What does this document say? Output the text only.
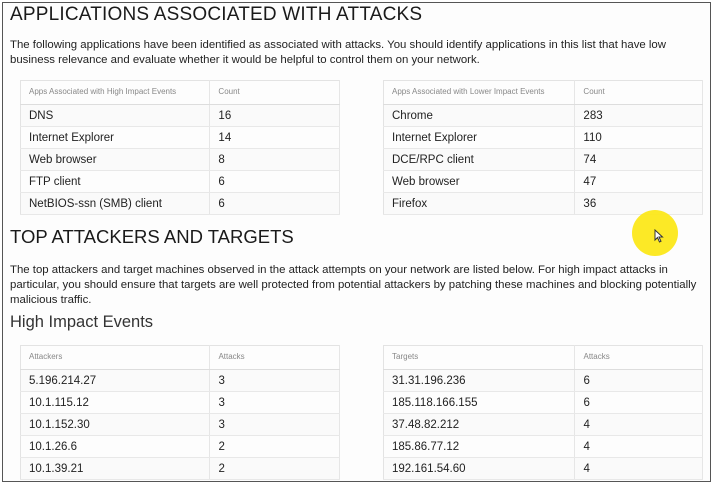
APPLICATIONS ASSOCIATED WITH ATTACKS
The following applications have been identified as associated with attacks. You should identify applications in this list that have low business relevance and evaluate whether it would be helpful to control them on your network.
Apps Associated with High Impact Events	Count
DNS	16
Internet Explorer	14
Web browser	8
FTP client	6
NetBIOS-ssn (SMB) client	6
Apps Associated with Lower Impact Events	Count
Chrome	283
Internet Explorer	110
DCE/RPC client	74
Web browser	47
Firefox	36
TOP ATTACKERS AND TARGETS
The top attackers and target machines observed in the attack attempts on your network are listed below. For high impact attacks in particular, you should ensure that targets are well protected from potential attackers by patching these machines and blocking potentially malicious traffic.
High Impact Events
Attackers	Attacks
5.196.214.27	3
10.1.115.12	3
10.1.152.30	3
10.1.26.6	2
10.1.39.21	2
Targets	Attacks
31.31.196.236	6
185.118.166.155	6
37.48.82.212	4
185.86.77.12	4
192.161.54.60	4
